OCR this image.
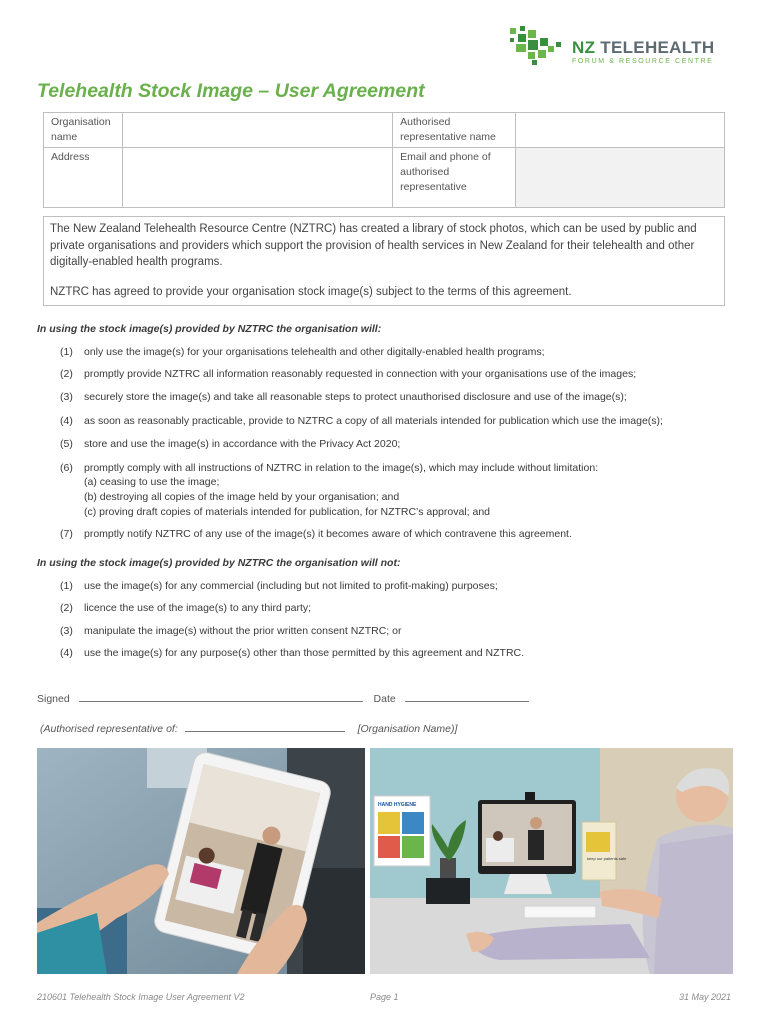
NZ TELEHEALTH
FORUM & RESOURCE CENTRE
Telehealth Stock Image – User Agreement
Organisation name		Authorised representative name	
Address		Email and phone of authorised representative	

The New Zealand Telehealth Resource Centre (NZTRC) has created a library of stock photos, which can be used by public and private organisations and providers which support the provision of health services in New Zealand for their telehealth and other digitally-enabled health programs.

NZTRC has agreed to provide your organisation stock image(s) subject to the terms of this agreement.

In using the stock image(s) provided by NZTRC the organisation will:
(1)	only use the image(s) for your organisations telehealth and other digitally-enabled health programs;
(2)	promptly provide NZTRC all information reasonably requested in connection with your organisations use of the images;
(3)	securely store the image(s) and take all reasonable steps to protect unauthorised disclosure and use of the image(s);
(4)	as soon as reasonably practicable, provide to NZTRC a copy of all materials intended for publication which use the image(s);
(5)	store and use the image(s) in accordance with the Privacy Act 2020;
(6)	promptly comply with all instructions of NZTRC in relation to the image(s), which may include without limitation:
(a) ceasing to use the image;
(b) destroying all copies of the image held by your organisation; and
(c) proving draft copies of materials intended for publication, for NZTRC’s approval; and
(7)	promptly notify NZTRC of any use of the image(s) it becomes aware of which contravene this agreement.
In using the stock image(s) provided by NZTRC the organisation will not:
(1)	use the image(s) for any commercial (including but not limited to profit-making) purposes;
(2)	licence the use of the image(s) to any third party;
(3)	manipulate the image(s) without the prior written consent NZTRC; or
(4)	use the image(s) for any purpose(s) other than those permitted by this agreement and NZTRC.
Signed	Date
(Authorised representative of:	[Organisation Name)]
HAND HYGIENE
keep our patients safe
210601 Telehealth Stock Image User Agreement V2	Page 1	31 May 2021
